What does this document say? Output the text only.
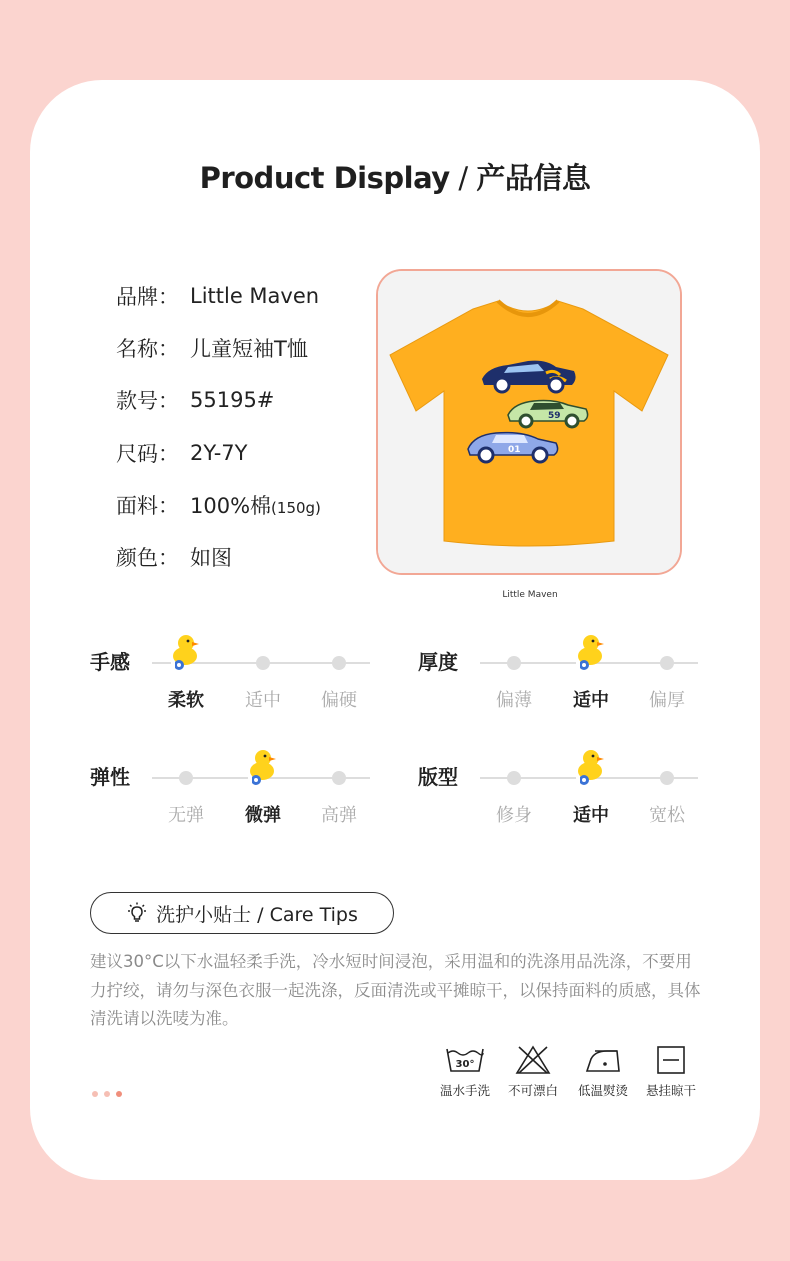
Product Display / 产品信息
品牌： Little Maven
名称： 儿童短袖T恤
款号： 55195#
尺码： 2Y-7Y
面料： 100%棉(150g)
颜色： 如图
59
01
Little Maven
手感
柔软	适中	偏硬
厚度
偏薄	适中	偏厚
弹性
无弹	微弹	高弹
版型
修身	适中	宽松
洗护小贴士 / Care Tips
建议30°C以下水温轻柔手洗，冷水短时间浸泡，采用温和的洗涤用品洗涤，不要用力拧绞，请勿与深色衣服一起洗涤，反面清洗或平摊晾干，以保持面料的质感，具体清洗请以洗唛为准。
30°
温水手洗	不可漂白	低温熨烫	悬挂晾干
